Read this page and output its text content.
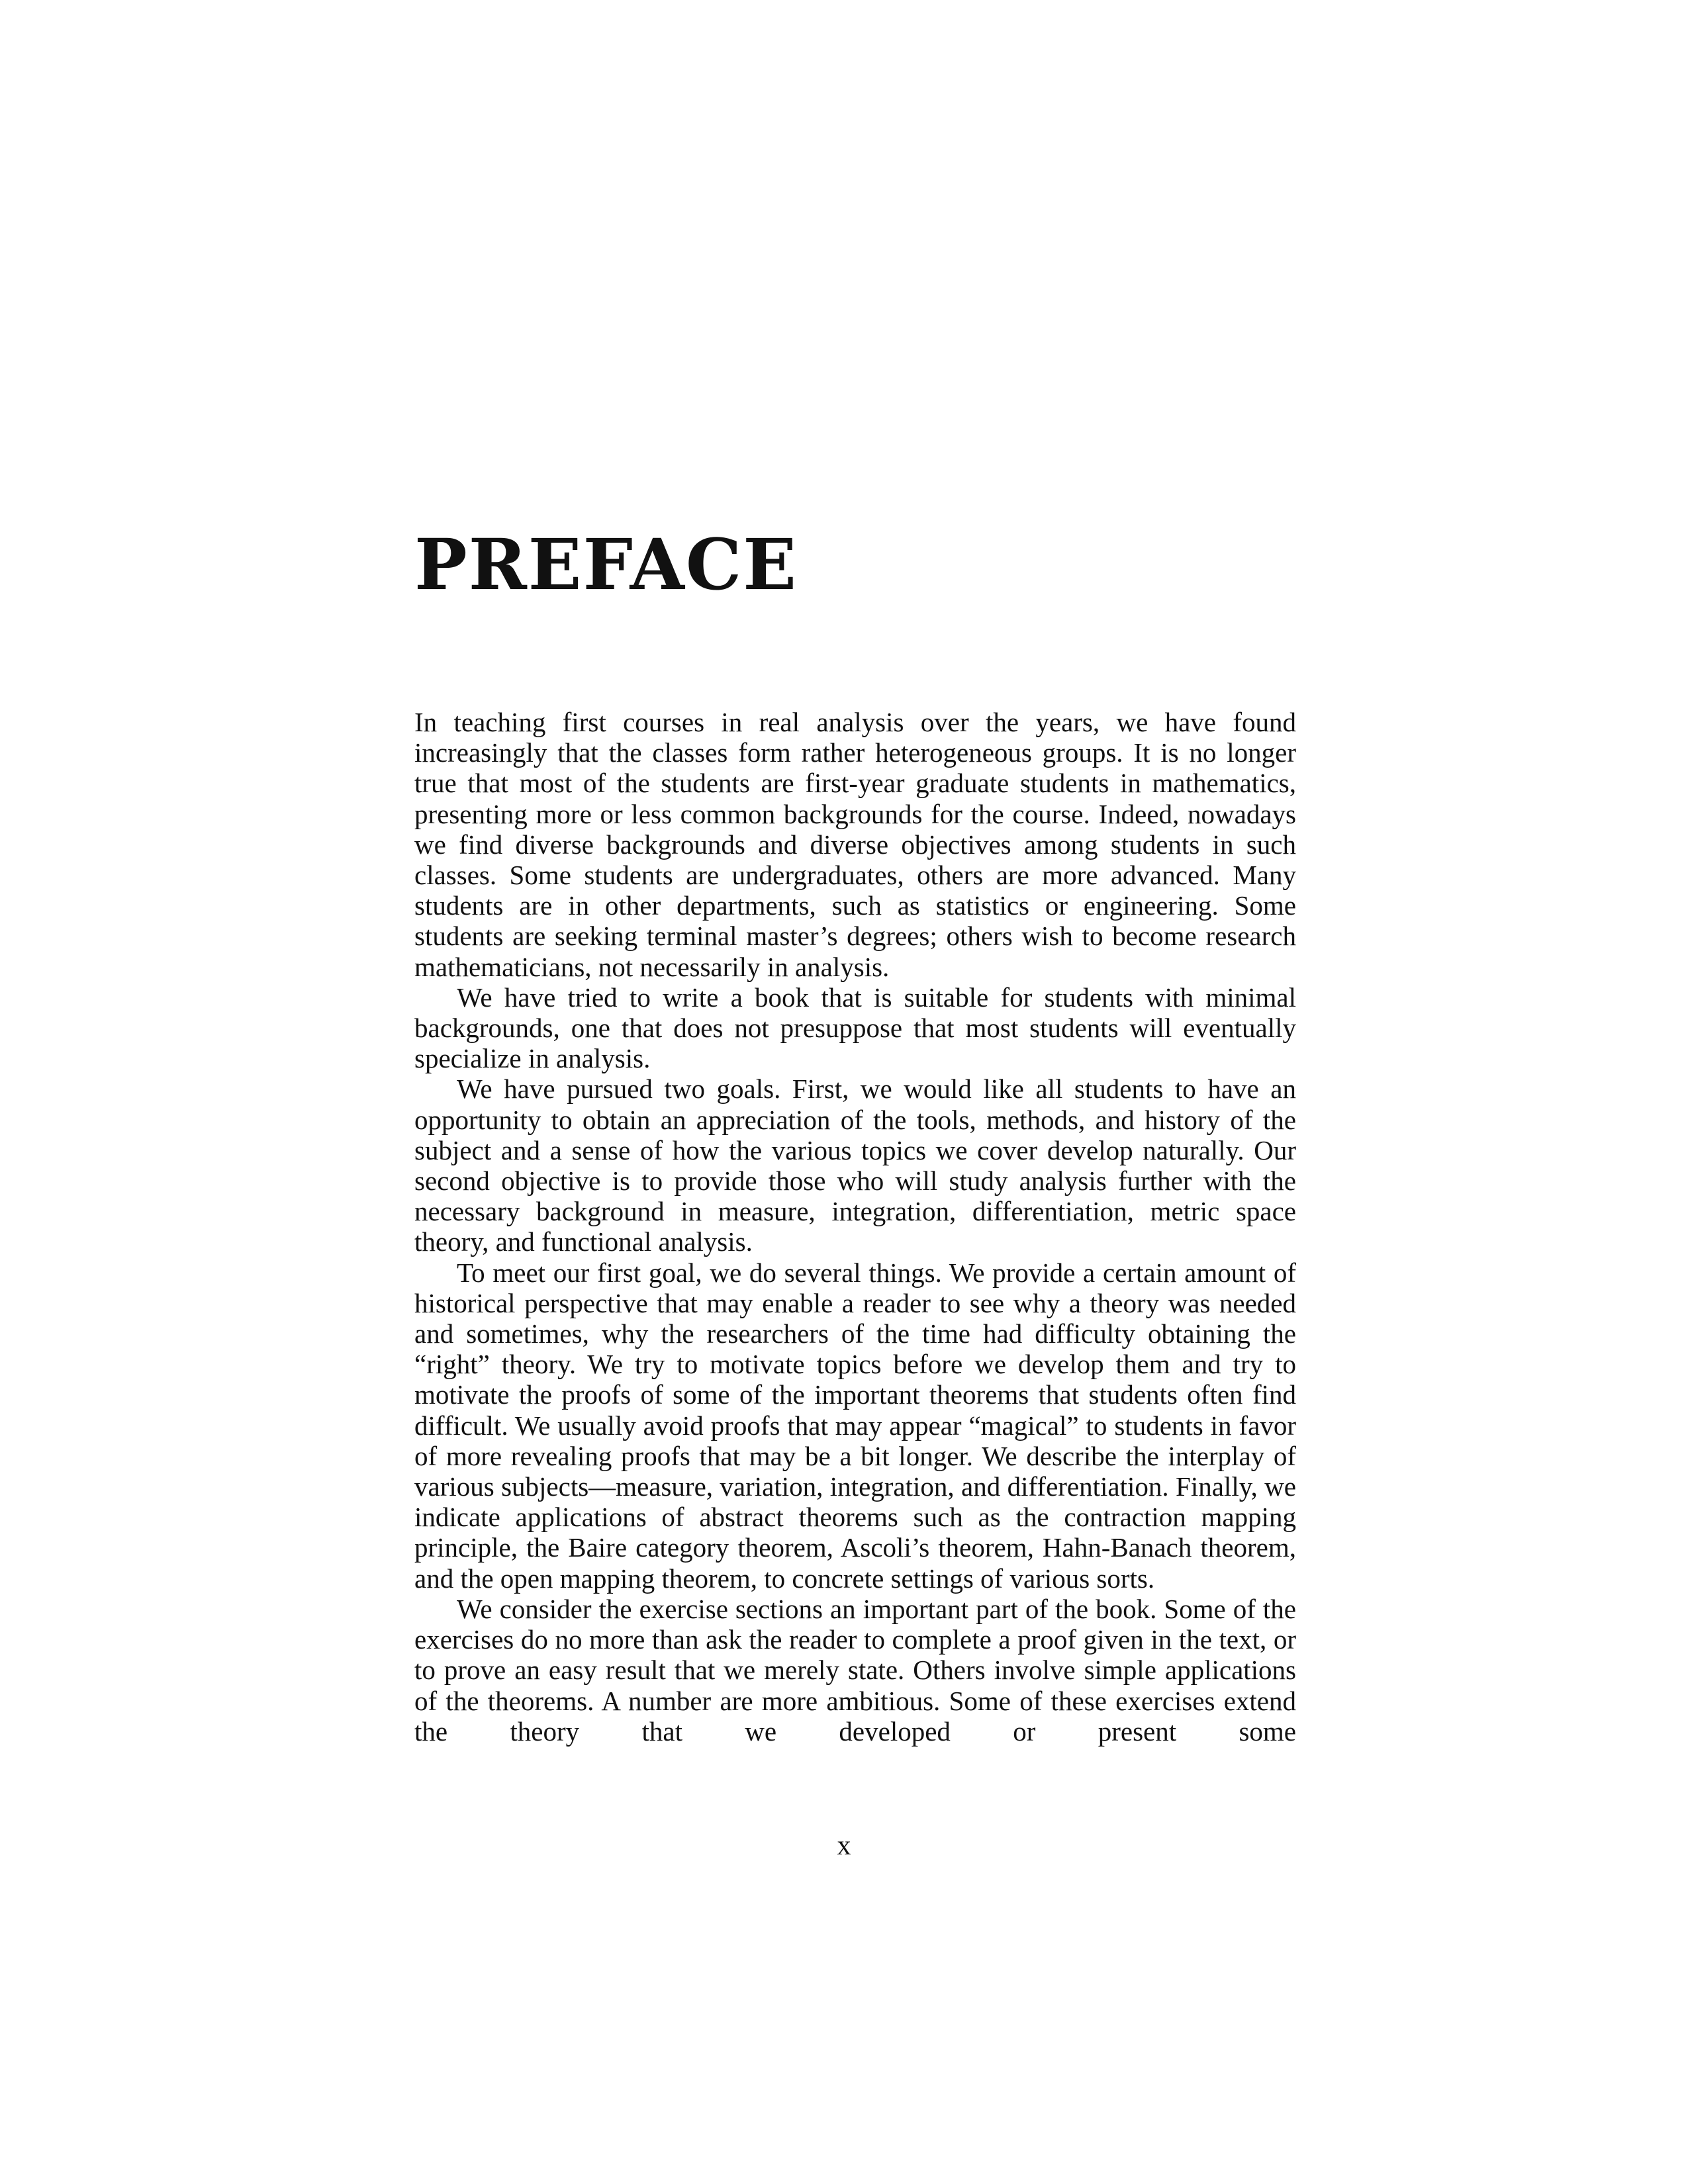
PREFACE

In teaching first courses in real analysis over the years, we have found increasingly that the classes form rather heterogeneous groups. It is no longer true that most of the students are first-year graduate students in mathematics, presenting more or less common backgrounds for the course. Indeed, nowadays we find diverse backgrounds and diverse objectives among students in such classes. Some students are undergraduates, others are more advanced. Many students are in other departments, such as statistics or engineering. Some students are seeking terminal master’s degrees; others wish to become research mathematicians, not necessarily in analysis.

We have tried to write a book that is suitable for students with minimal backgrounds, one that does not presuppose that most students will eventually specialize in analysis.

We have pursued two goals. First, we would like all students to have an opportunity to obtain an appreciation of the tools, methods, and history of the subject and a sense of how the various topics we cover develop naturally. Our second objective is to provide those who will study analysis further with the necessary background in measure, integration, differentiation, metric space theory, and functional analysis.

To meet our first goal, we do several things. We provide a certain amount of historical perspective that may enable a reader to see why a theory was needed and sometimes, why the researchers of the time had difficulty obtaining the “right” theory. We try to motivate topics before we develop them and try to motivate the proofs of some of the important theorems that students often find difficult. We usually avoid proofs that may appear “magical” to students in favor of more revealing proofs that may be a bit longer. We describe the interplay of various subjects—measure, variation, integration, and differentiation. Finally, we indicate applications of abstract theorems such as the contraction mapping principle, the Baire category theorem, Ascoli’s theorem, Hahn-Banach theorem, and the open mapping theorem, to concrete settings of various sorts.

We consider the exercise sections an important part of the book. Some of the exercises do no more than ask the reader to complete a proof given in the text, or to prove an easy result that we merely state. Others involve simple applications of the theorems. A number are more ambitious. Some of these exercises extend the theory that we developed or present some

x
